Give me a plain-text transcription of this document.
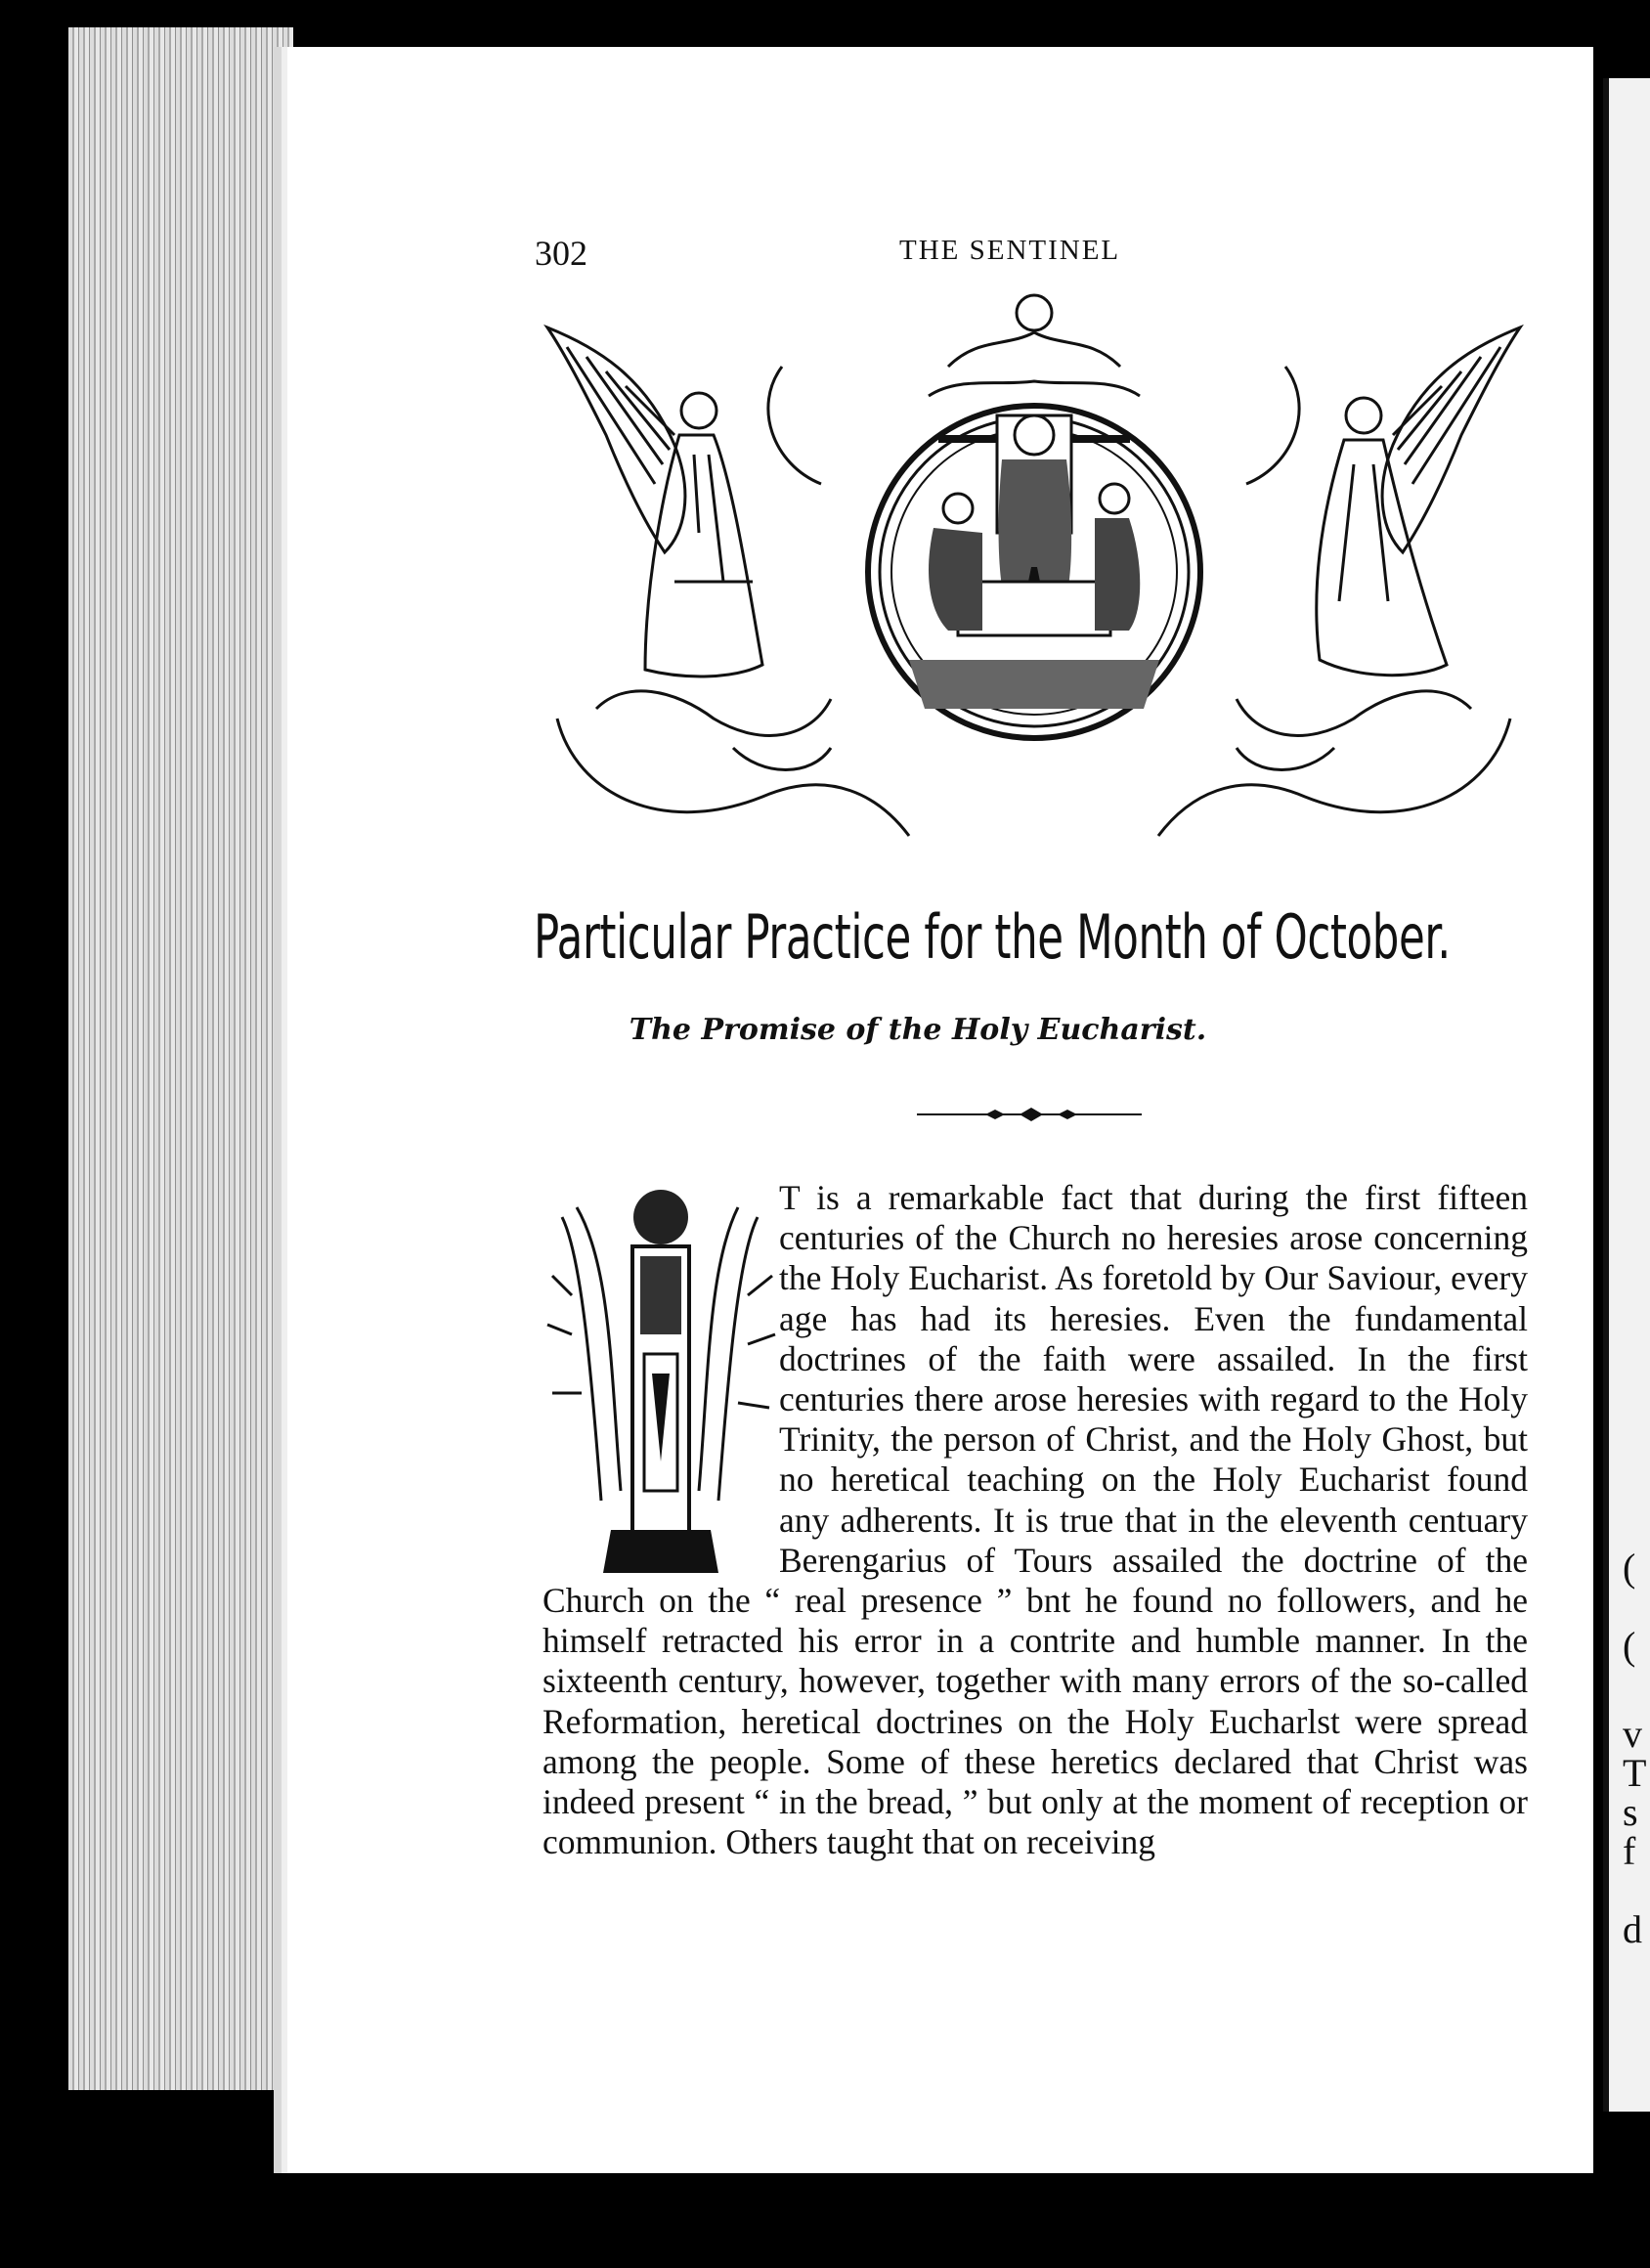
(
(
v
T
s
f
d
302	THE SENTINEL
Particular Practice for the Month of October.
The Promise of the Holy Eucharist.

T is a remarkable fact that during the first fifteen centuries of the Church no heresies arose concerning the Holy Eucharist. As foretold by Our Saviour, every age has had its heresies. Even the fundamental doctrines of the faith were assailed. In the first centuries there arose heresies with regard to the Holy Trinity, the person of Christ, and the Holy Ghost, but no heretical teaching on the Holy Eucharist found any adherents. It is true that in the eleventh centuary Berengarius of Tours assailed the doctrine of the Church on the “ real presence ” bnt he found no followers, and he himself retracted his error in a contrite and humble manner. In the sixteenth century, however, together with many errors of the so-called Reformation, heretical doctrines on the Holy Eucharlst were spread among the people. Some of these heretics declared that Christ was indeed present “ in the bread, ” but only at the moment of reception or communion. Others taught that on receiving
